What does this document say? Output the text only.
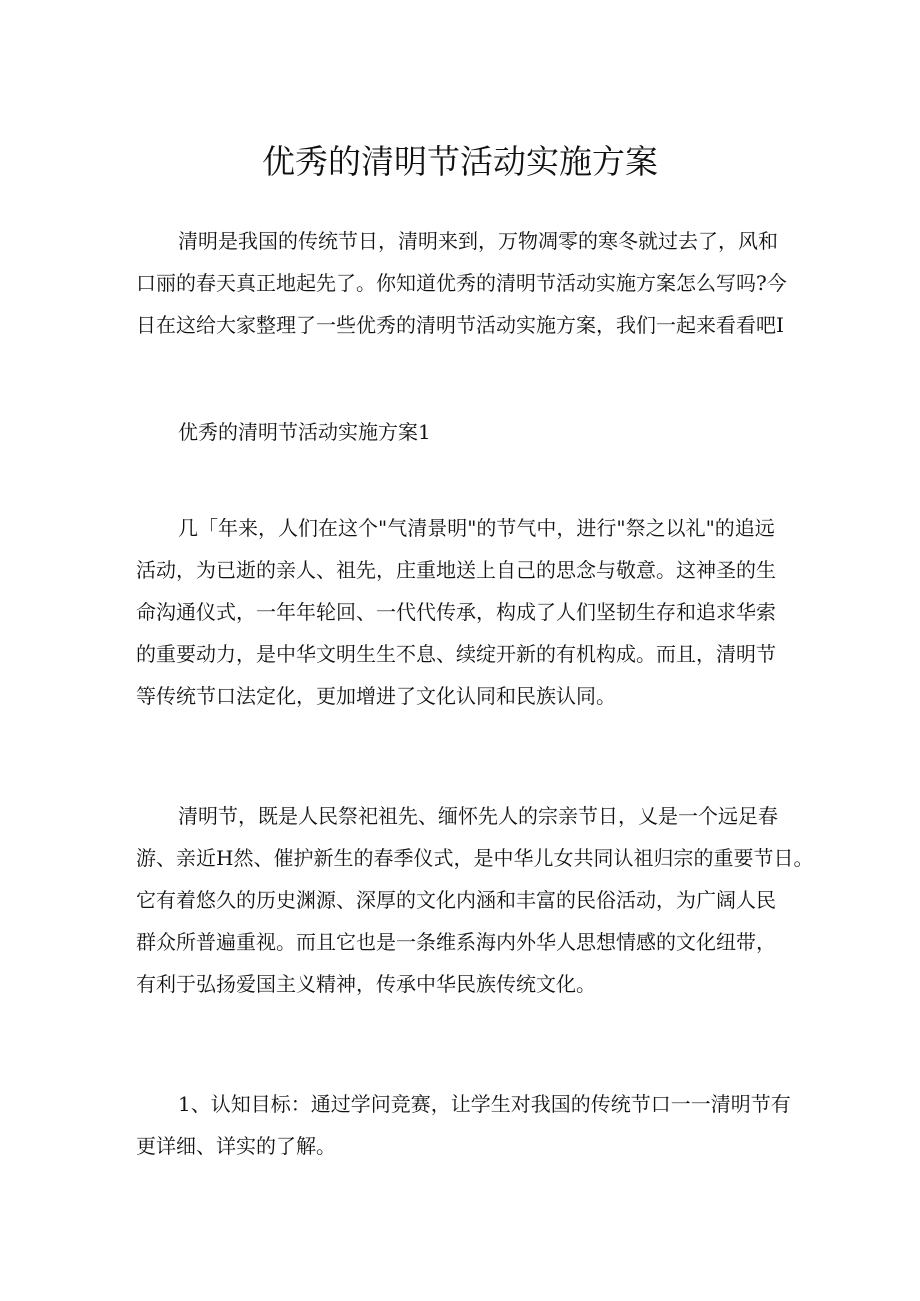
优秀的清明节活动实施方案
清明是我国的传统节日，清明来到，万物凋零的寒冬就过去了，风和
口丽的春天真正地起先了。你知道优秀的清明节活动实施方案怎么写吗?今
日在这给大家整理了一些优秀的清明节活动实施方案，我们一起来看看吧I
优秀的清明节活动实施方案1
几「年来，人们在这个"气清景明"的节气中，进行"祭之以礼"的追远
活动，为已逝的亲人、祖先，庄重地送上自己的思念与敬意。这神圣的生
命沟通仪式，一年年轮回、一代代传承，构成了人们坚韧生存和追求华索
的重要动力，是中华文明生生不息、续绽开新的有机构成。而且，清明节
等传统节口法定化，更加增进了文化认同和民族认同。
清明节，既是人民祭祀祖先、缅怀先人的宗亲节日，乂是一个远足春
游、亲近H然、催护新生的春季仪式，是中华儿女共同认祖归宗的重要节日。
它有着悠久的历史渊源、深厚的文化内涵和丰富的民俗活动，为广阔人民
群众所普遍重视。而且它也是一条维系海内外华人思想情感的文化纽带，
有利于弘扬爱国主义精神，传承中华民族传统文化。
1、认知目标：通过学问竞赛，让学生对我国的传统节口一一清明节有
更详细、详实的了解。
